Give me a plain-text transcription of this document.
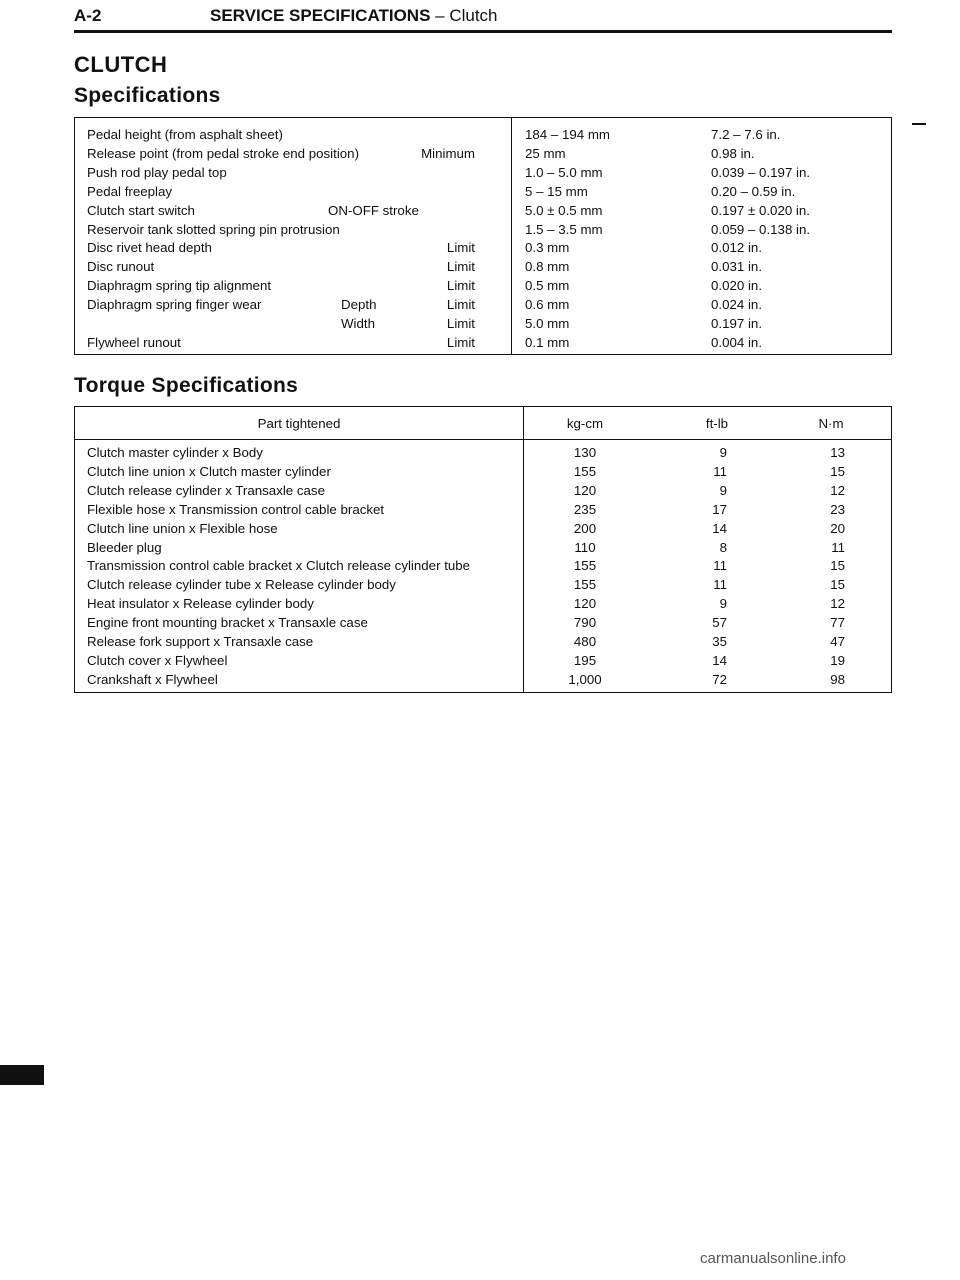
A-2	SERVICE SPECIFICATIONS – Clutch
CLUTCH
Specifications
Pedal height (from asphalt sheet)	184 – 194 mm	7.2 – 7.6 in.
Release point (from pedal stroke end position)	Minimum	25 mm	0.98 in.
Push rod play pedal top	1.0 – 5.0 mm	0.039 – 0.197 in.
Pedal freeplay	5 – 15 mm	0.20 – 0.59 in.
Clutch start switch	ON-OFF stroke	5.0 ± 0.5 mm	0.197 ± 0.020 in.
Reservoir tank slotted spring pin protrusion	1.5 – 3.5 mm	0.059 – 0.138 in.
Disc rivet head depth	Limit	0.3 mm	0.012 in.
Disc runout	Limit	0.8 mm	0.031 in.
Diaphragm spring tip alignment	Limit	0.5 mm	0.020 in.
Diaphragm spring finger wear	Depth	Limit	0.6 mm	0.024 in.
Width	Limit	5.0 mm	0.197 in.
Flywheel runout	Limit	0.1 mm	0.004 in.
Torque Specifications
Part tightened	kg-cm	ft-lb	N·m
Clutch master cylinder x Body	130	9	13
Clutch line union x Clutch master cylinder	155	11	15
Clutch release cylinder x Transaxle case	120	9	12
Flexible hose x Transmission control cable bracket	235	17	23
Clutch line union x Flexible hose	200	14	20
Bleeder plug	110	8	11
Transmission control cable bracket x Clutch release cylinder tube	155	11	15
Clutch release cylinder tube x Release cylinder body	155	11	15
Heat insulator x Release cylinder body	120	9	12
Engine front mounting bracket x Transaxle case	790	57	77
Release fork support x Transaxle case	480	35	47
Clutch cover x Flywheel	195	14	19
Crankshaft x Flywheel	1,000	72	98
carmanualsonline.info
